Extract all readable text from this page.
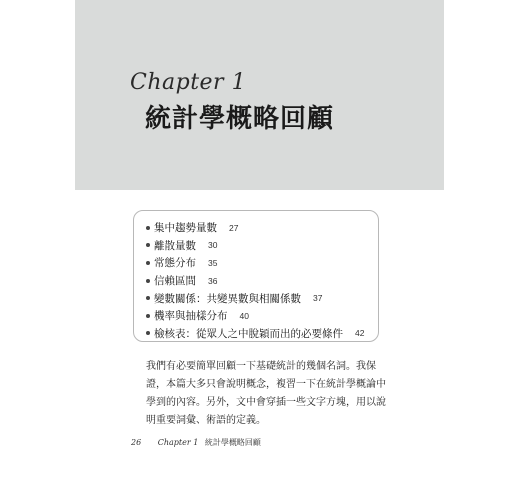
Chapter 1
統計學概略回顧
集中趨勢量數 27
離散量數 30
常態分布 35
信賴區間 36
變數關係：共變異數與相關係數 37
機率與抽樣分布 40
檢核表：從眾人之中脫穎而出的必要條件 42

我們有必要簡單回顧一下基礎統計的幾個名詞。我保證，本篇大多只會說明概念，複習一下在統計學概論中學到的內容。另外，文中會穿插一些文字方塊，用以說明重要詞彙、術語的定義。

26 Chapter 1 統計學概略回顧
